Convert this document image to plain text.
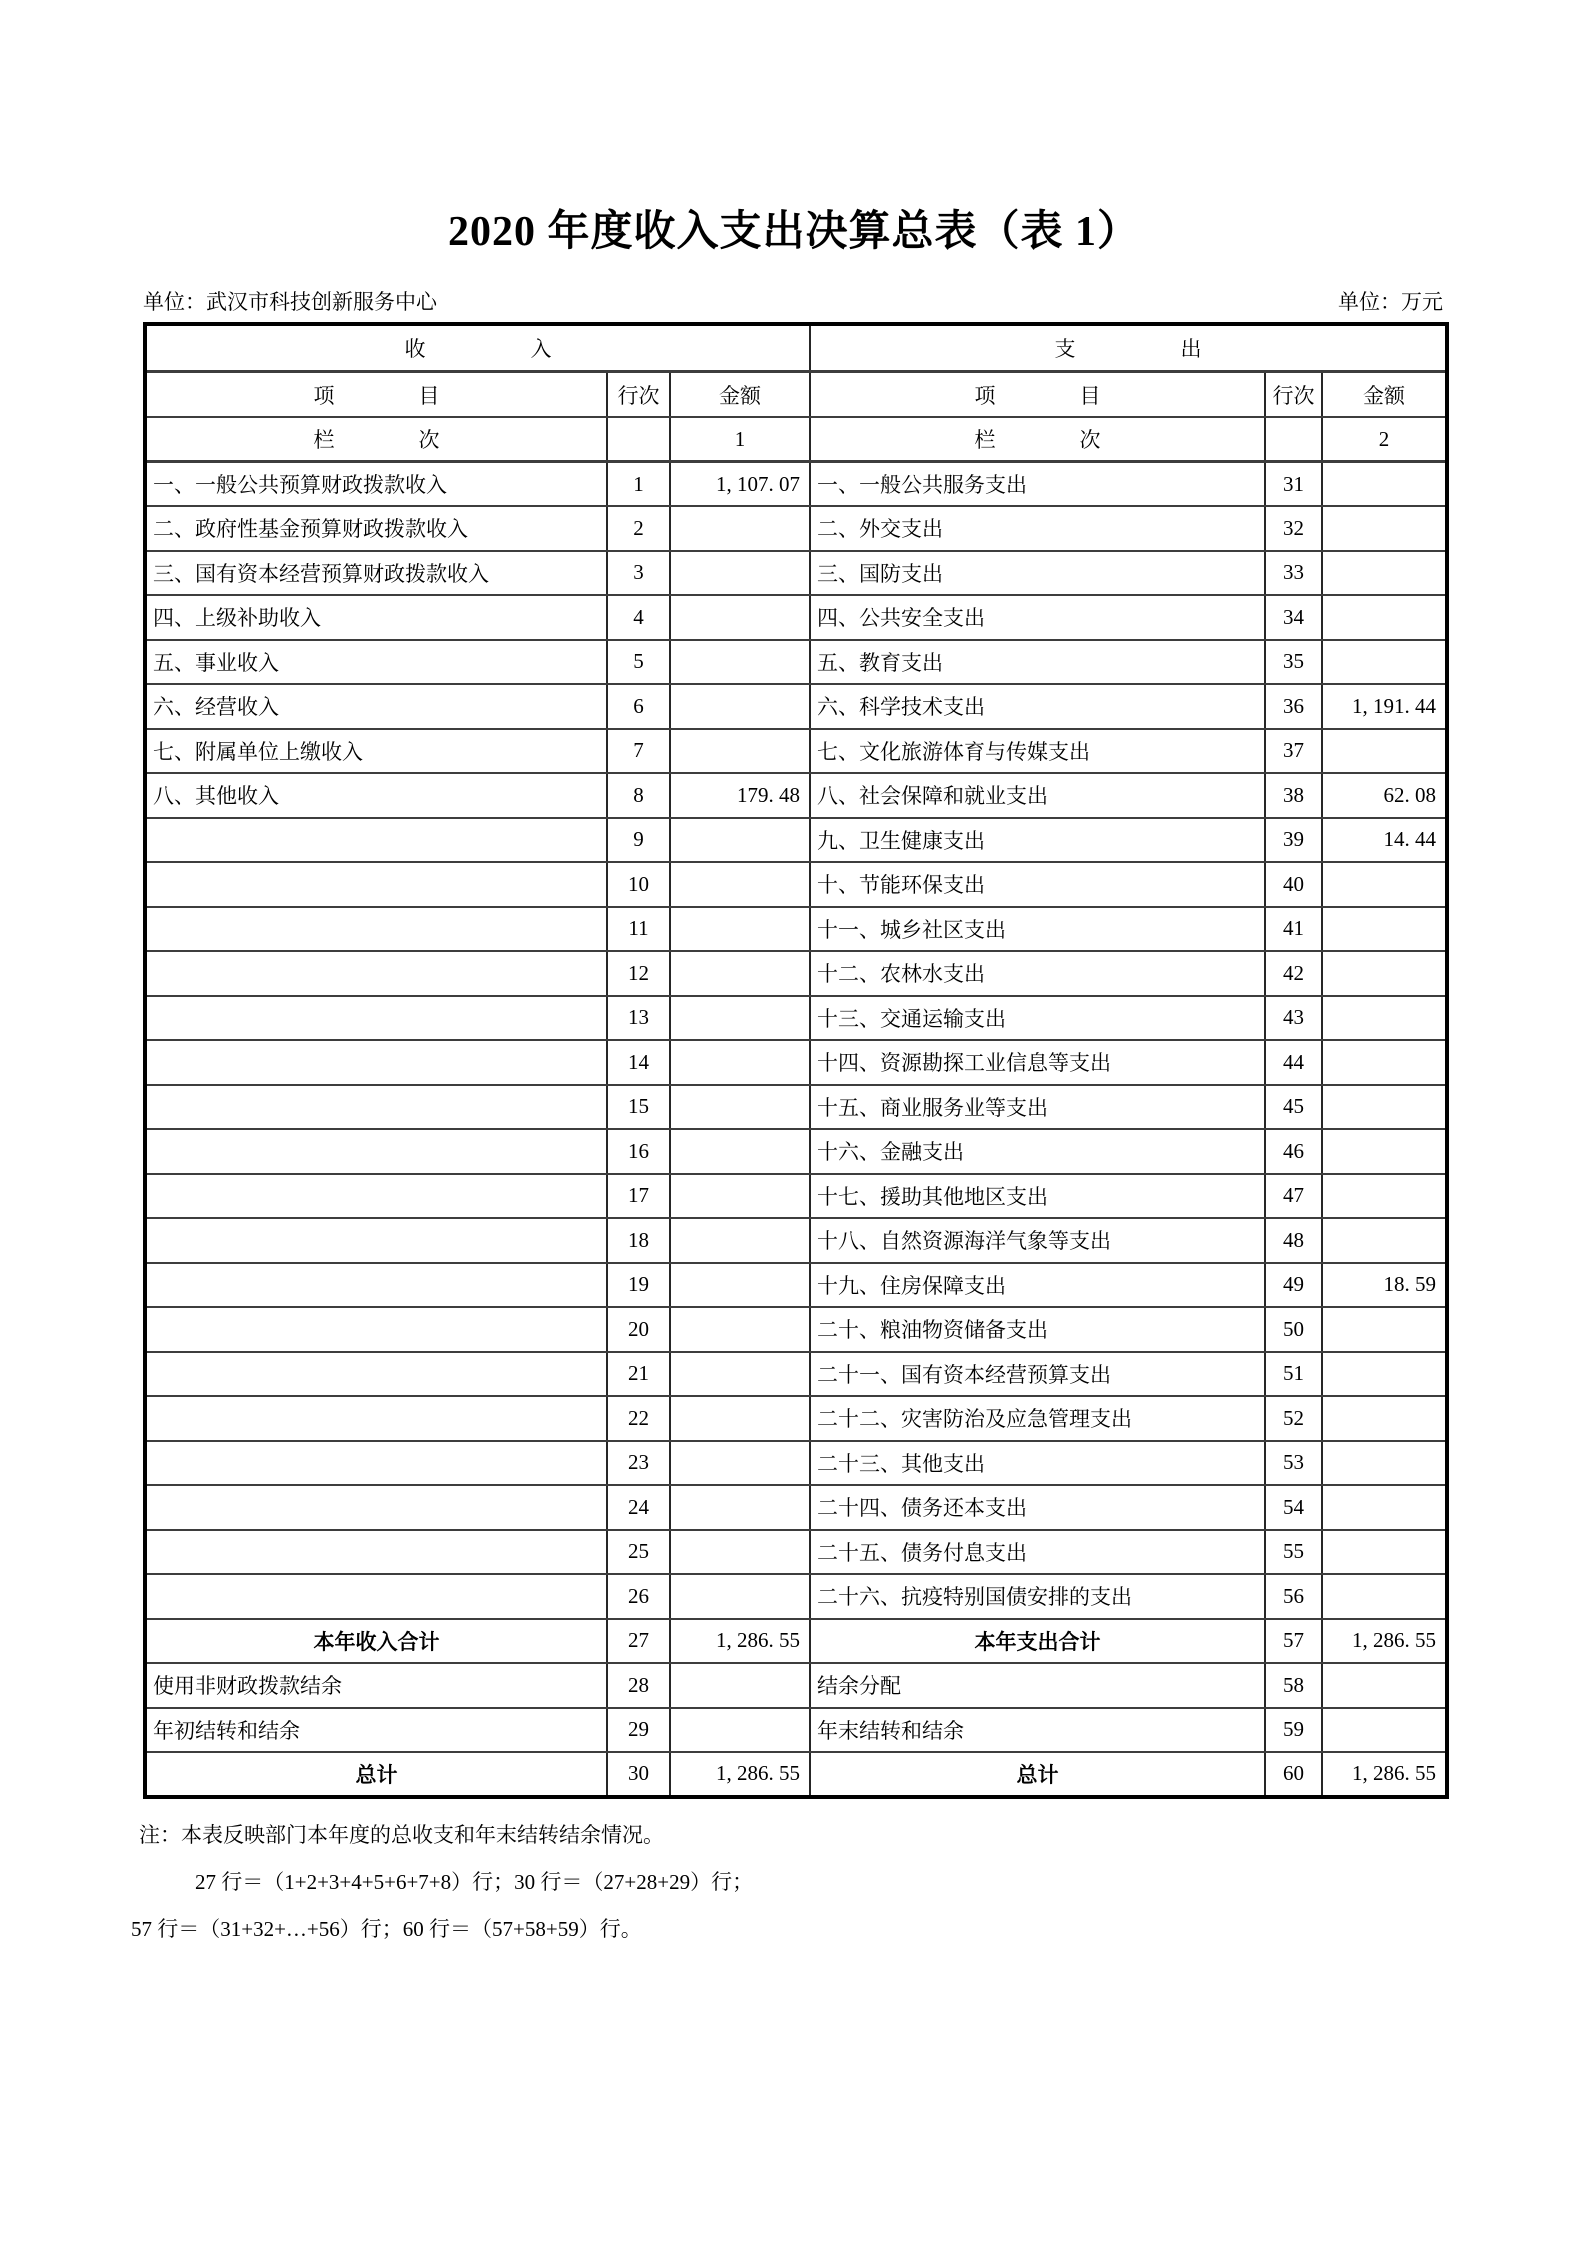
2020 年度收入支出决算总表（表 1）
单位：武汉市科技创新服务中心	单位：万元
收　　　　　入			支　　　　　出		
项　　　　目	行次	金额	项　　　　目	行次	金额
栏　　　　次		1	栏　　　　次		2
一、一般公共预算财政拨款收入	1	1, 107. 07	一、一般公共服务支出	31	
二、政府性基金预算财政拨款收入	2		二、外交支出	32	
三、国有资本经营预算财政拨款收入	3		三、国防支出	33	
四、上级补助收入	4		四、公共安全支出	34	
五、事业收入	5		五、教育支出	35	
六、经营收入	6		六、科学技术支出	36	1, 191. 44
七、附属单位上缴收入	7		七、文化旅游体育与传媒支出	37	
八、其他收入	8	179. 48	八、社会保障和就业支出	38	62. 08
	9		九、卫生健康支出	39	14. 44
	10		十、节能环保支出	40	
	11		十一、城乡社区支出	41	
	12		十二、农林水支出	42	
	13		十三、交通运输支出	43	
	14		十四、资源勘探工业信息等支出	44	
	15		十五、商业服务业等支出	45	
	16		十六、金融支出	46	
	17		十七、援助其他地区支出	47	
	18		十八、自然资源海洋气象等支出	48	
	19		十九、住房保障支出	49	18. 59
	20		二十、粮油物资储备支出	50	
	21		二十一、国有资本经营预算支出	51	
	22		二十二、灾害防治及应急管理支出	52	
	23		二十三、其他支出	53	
	24		二十四、债务还本支出	54	
	25		二十五、债务付息支出	55	
	26		二十六、抗疫特别国债安排的支出	56	
本年收入合计	27	1, 286. 55	本年支出合计	57	1, 286. 55
使用非财政拨款结余	28		结余分配	58	
年初结转和结余	29		年末结转和结余	59	
总计	30	1, 286. 55	总计	60	1, 286. 55
注：本表反映部门本年度的总收支和年末结转结余情况。
27 行＝（1+2+3+4+5+6+7+8）行；30 行＝（27+28+29）行；
57 行＝（31+32+…+56）行；60 行＝（57+58+59）行。
